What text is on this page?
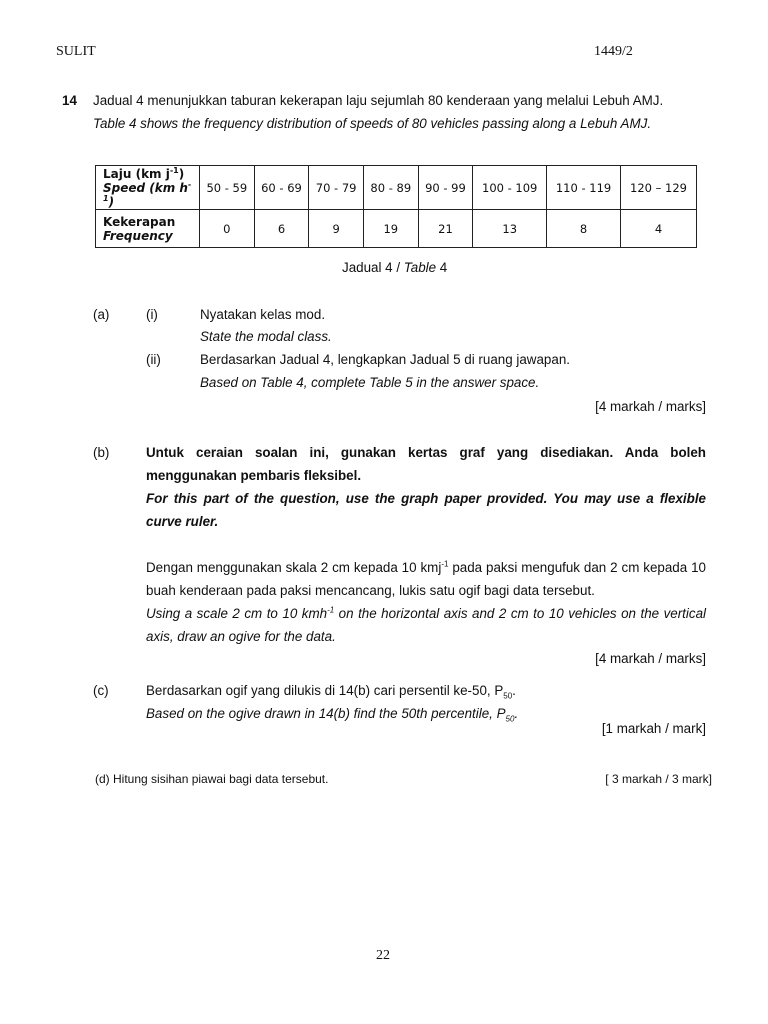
SULIT	1449/2
14 Jadual 4 menunjukkan taburan kekerapan laju sejumlah 80 kenderaan yang melalui Lebuh AMJ.
Table 4 shows the frequency distribution of speeds of 80 vehicles passing along a Lebuh AMJ.
Laju (km $j^{-1}$)
Speed (km $h^{-1}$)	50 - 59	60 - 69	70 - 79	80 - 89	90 - 99	100 - 109	110 - 119	120 – 129

Kekerapan
Frequency	0	6	9	19	21	13	8	4
Jadual 4 / Table 4
(a)	(i)	Nyatakan kelas mod.
State the modal class.
(ii)	Berdasarkan Jadual 4, lengkapkan Jadual 5 di ruang jawapan.
Based on Table 4, complete Table 5 in the answer space.
[4 markah / marks]
(b)	Untuk ceraian soalan ini, gunakan kertas graf yang disediakan. Anda boleh menggunakan pembaris fleksibel.
For this part of the question, use the graph paper provided. You may use a flexible curve ruler.
Dengan menggunakan skala 2 cm kepada 10 kmj$^{-1}$ pada paksi mengufuk dan 2 cm kepada 10 buah kenderaan pada paksi mencancang, lukis satu ogif bagi data tersebut.
Using a scale 2 cm to 10 kmh$^{-1}$ on the horizontal axis and 2 cm to 10 vehicles on the vertical axis, draw an ogive for the data.
[4 markah / marks]
(c)	Berdasarkan ogif yang dilukis di 14(b) cari persentil ke-50, $P_{50}$.
Based on the ogive drawn in 14(b) find the 50th percentile, $P_{50}$.
[1 markah / mark]
(d) Hitung sisihan piawai bagi data tersebut.	[ 3 markah / 3 mark]
22
